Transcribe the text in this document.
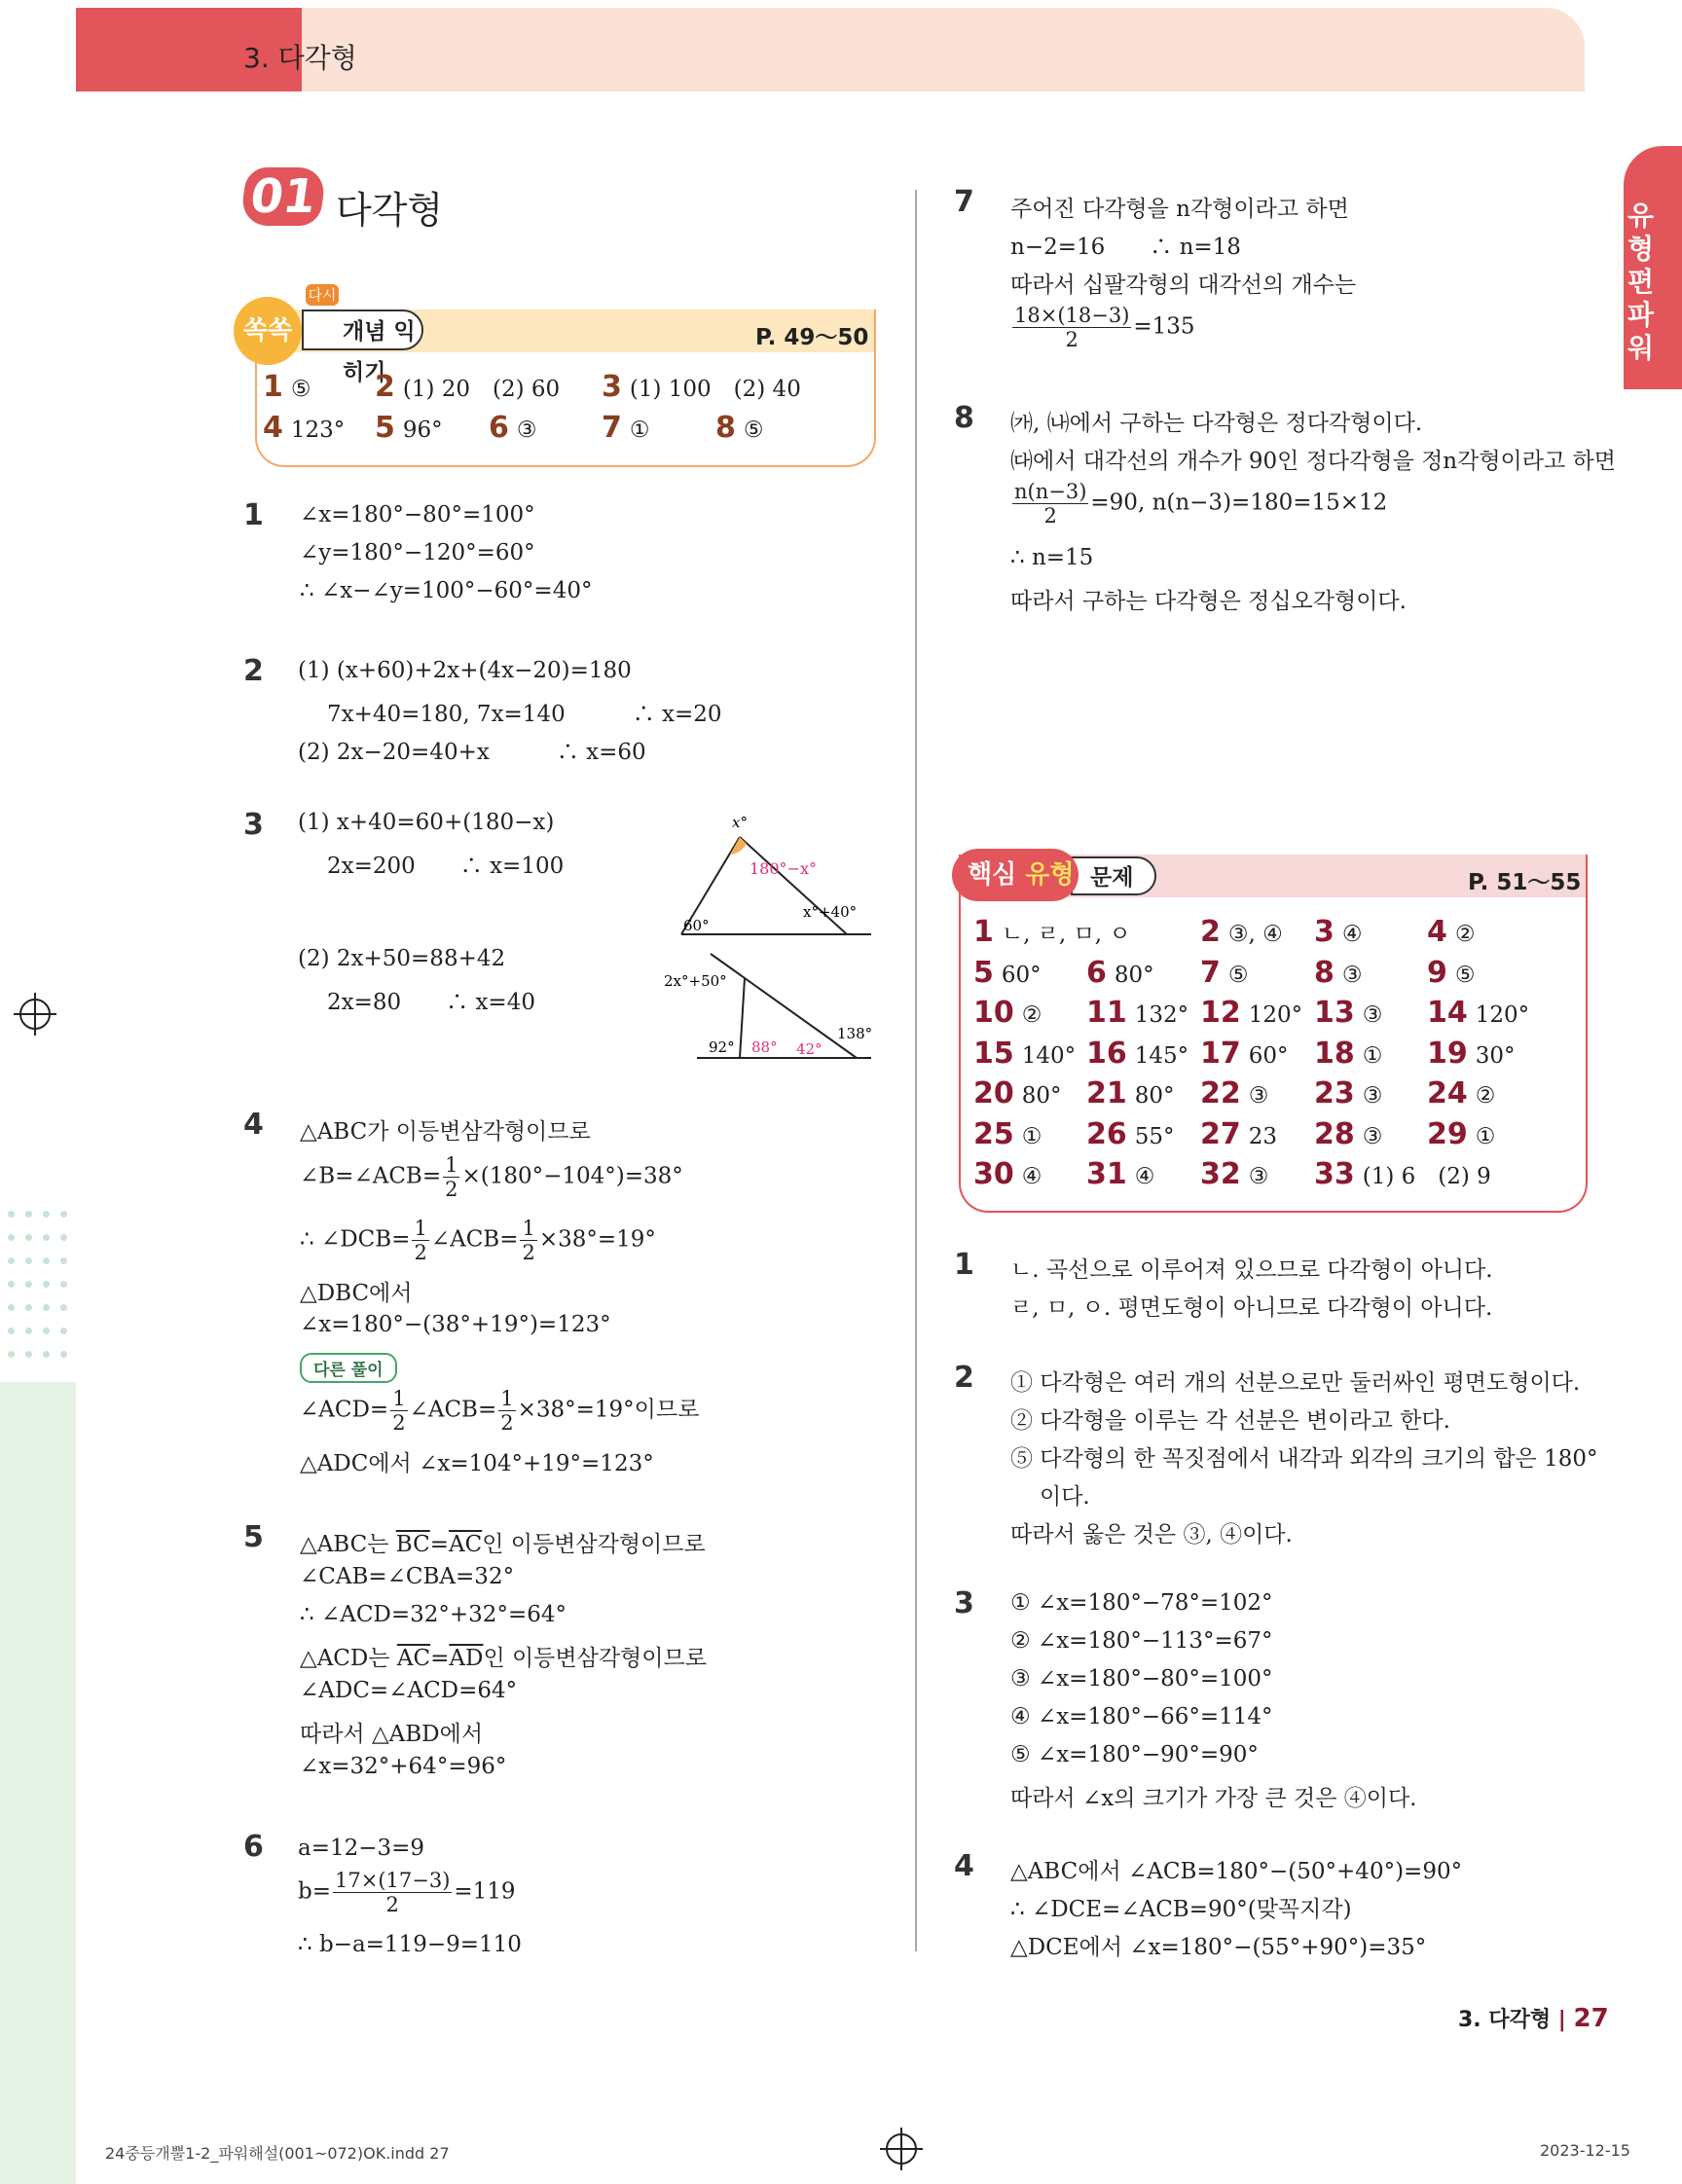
3. 다각형
유형편 파워
01 다각형
개념 익히기
쏙쏙
다시
P. 49～50
1 ⑤ 2 (1) 20　(2) 60 3 (1) 100　(2) 40
4 123° 5 96° 6 ③ 7 ① 8 ⑤
1 ∠x=180°−80°=100°
∠y=180°−120°=60°
∴ ∠x−∠y=100°−60°=40°
2 (1) (x+60)+2x+(4x−20)=180
7x+40=180, 7x=140　　　∴ x=20
(2) 2x−20=40+x　　　∴ x=60
3 (1) x+40=60+(180−x)
2x=200　　∴ x=100
(2) 2x+50=88+42
2x=80　　∴ x=40
x°
180°−x°
60°
x°+40°
2x°+50°
92° 88° 42°
138°
4 △ABC가 이등변삼각형이므로
∠B=∠ACB= $\frac{1}{2} \times(180^\circ-104^\circ)=38^\circ$
∴ ∠DCB= $\frac{1}{2}$ ∠ACB= $\frac{1}{2} \times 38^\circ=19^\circ$
△DBC에서
∠x=180°−(38°+19°)=123°
다른 풀이
∠ACD= $\frac{1}{2}$ ∠ACB= $\frac{1}{2} \times 38^\circ=19^\circ$이므로
△ADC에서 ∠x=104°+19°=123°
5 △ABC는 $\overline{BC}=\overline{AC}$인 이등변삼각형이므로
∠CAB=∠CBA=32°
∴ ∠ACD=32°+32°=64°
△ACD는 $\overline{AC}=\overline{AD}$인 이등변삼각형이므로
∠ADC=∠ACD=64°
따라서 △ABD에서
∠x=32°+64°=96°
6 a=12−3=9
$b= \frac{17\times(17-3)}{2} =119$
∴ b−a=119−9=110
7 주어진 다각형을 n각형이라고 하면
n−2=16　　∴ n=18
따라서 십팔각형의 대각선의 개수는
$\frac{18\times(18-3)}{2} =135$
8 ㈎, ㈏에서 구하는 다각형은 정다각형이다.
㈐에서 대각선의 개수가 90인 정다각형을 정n각형이라고 하면
$\frac{n(n-3)}{2} =90$, n(n−3)=180=15×12
∴ n=15
따라서 구하는 다각형은 정십오각형이다.
문제
핵심 유형	P. 51～55
1 ㄴ, ㄹ, ㅁ, ㅇ 2 ③, ④ 3 ④ 4 ②
5 60° 6 80° 7 ⑤ 8 ③ 9 ⑤
10 ② 11 132° 12 120° 13 ③ 14 120°
15 140° 16 145° 17 60° 18 ① 19 30°
20 80° 21 80° 22 ③ 23 ③ 24 ②
25 ① 26 55° 27 23 28 ③ 29 ①
30 ④ 31 ④ 32 ③ 33 (1) 6　(2) 9
1 ㄴ. 곡선으로 이루어져 있으므로 다각형이 아니다.
ㄹ, ㅁ, ㅇ. 평면도형이 아니므로 다각형이 아니다.
2 ① 다각형은 여러 개의 선분으로만 둘러싸인 평면도형이다.
② 다각형을 이루는 각 선분은 변이라고 한다.
⑤ 다각형의 한 꼭짓점에서 내각과 외각의 크기의 합은 180°
이다.
따라서 옳은 것은 ③, ④이다.
3 ① ∠x=180°−78°=102°
② ∠x=180°−113°=67°
③ ∠x=180°−80°=100°
④ ∠x=180°−66°=114°
⑤ ∠x=180°−90°=90°
따라서 ∠x의 크기가 가장 큰 것은 ④이다.
4 △ABC에서 ∠ACB=180°−(50°+40°)=90°
∴ ∠DCE=∠ACB=90°(맞꼭지각)
△DCE에서 ∠x=180°−(55°+90°)=35°
3. 다각형 | 27
24중등개뿔1-2_파워해설(001~072)OK.indd 27	2023-12-15
